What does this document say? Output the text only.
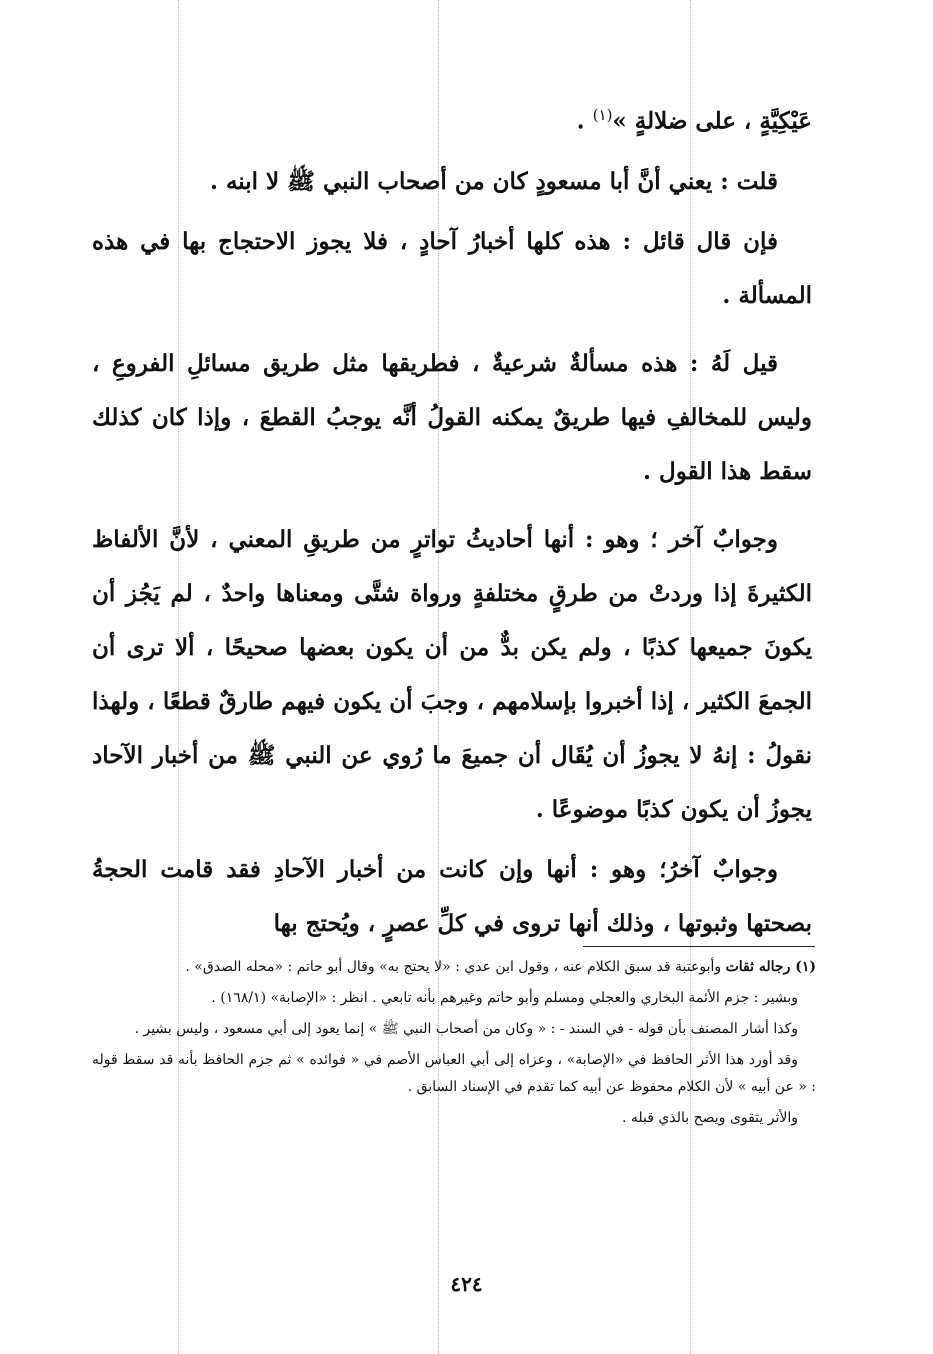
عَيْكِيَّةٍ ، على ضلالةٍ »$^{(١)}$ .

قلت : يعني أنَّ أبا مسعودٍ كان من أصحاب النبي ﷺ لا ابنه .

فإن قال قائل : هذه كلها أخبارُ آحادٍ ، فلا يجوز الاحتجاج بها في هذه المسألة .

قيل لَهُ : هذه مسألةٌ شرعيةٌ ، فطريقها مثل طريق مسائلِ الفروعِ ، وليس للمخالفِ فيها طريقٌ يمكنه القولُ أنَّه يوجبُ القطعَ ، وإذا كان كذلك سقط هذا القول .

وجوابٌ آخر ؛ وهو : أنها أحاديثُ تواترٍ من طريقِ المعني ، لأنَّ الألفاظ الكثيرةَ إذا وردتْ من طرقٍ مختلفةٍ ورواة شتَّى ومعناها واحدٌ ، لم يَجُز أن يكونَ جميعها كذبًا ، ولم يكن بدٌّ من أن يكون بعضها صحيحًا ، ألا ترى أن الجمعَ الكثير ، إذا أخبروا بإسلامهم ، وجبَ أن يكون فيهم طارقٌ قطعًا ، ولهذا نقولُ : إنهُ لا يجوزُ أن يُقَال أن جميعَ ما رُوي عن النبي ﷺ من أخبار الآحاد يجوزُ أن يكون كذبًا موضوعًا .

وجوابٌ آخرُ؛ وهو : أنها وإن كانت من أخبار الآحادِ فقد قامت الحجةُ بصحتها وثبوتها ، وذلك أنها تروى في كلِّ عصرٍ ، ويُحتج بها

(١) رجاله ثقات وأبوعتبة قد سبق الكلام عنه ، وقول ابن عدي : «لا يحتج به» وقال أبو حاتم : «محله الصدق» .

وبشير : جزم الأئمة البخاري والعجلي ومسلم وأبو حاتم وغيرهم بأنه تابعي . انظر : «الإصابة» (١٦٨/١) .

وكذا أشار المصنف بأن قوله - في السند - : « وكان من أصحاب النبي ﷺ » إنما يعود إلى أبي مسعود ، وليس بشير .

وقد أورد هذا الأثر الحافظ في «الإصابة» ، وعزاه إلى أبي العباس الأصم في « فوائده » ثم جزم الحافظ بأنه قد سقط قوله : « عن أبيه » لأن الكلام محفوظ عن أبيه كما تقدم في الإسناد السابق .

والأثر يتقوى ويصح بالذي قبله .

٤٢٤
